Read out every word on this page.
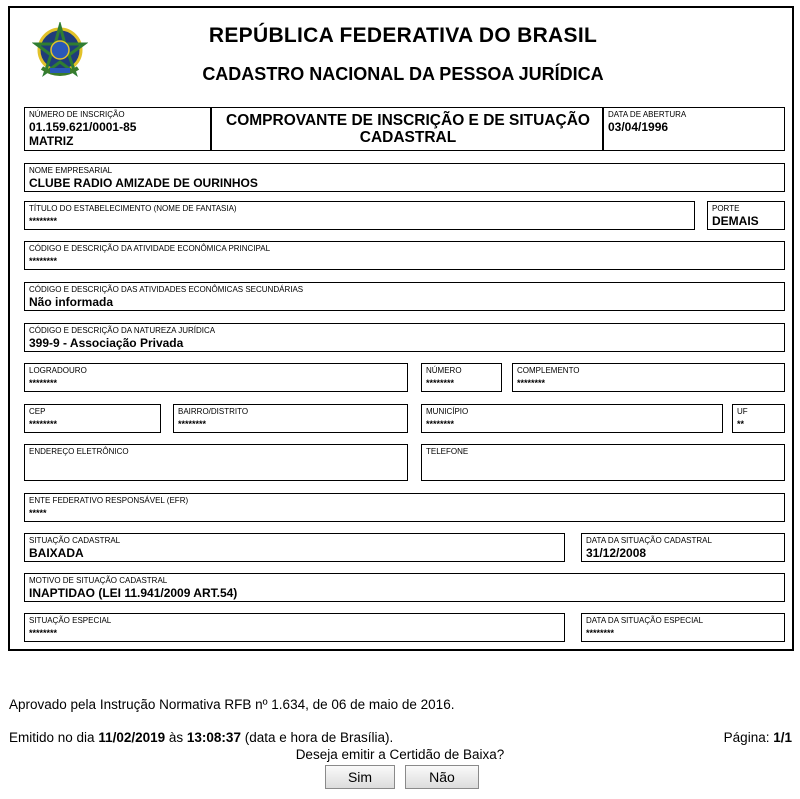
REPÚBLICA FEDERATIVA DO BRASIL
CADASTRO NACIONAL DA PESSOA JURÍDICA
NÚMERO DE INSCRIÇÃO
01.159.621/0001-85
MATRIZ
COMPROVANTE DE INSCRIÇÃO E DE SITUAÇÃO
CADASTRAL
DATA DE ABERTURA
03/04/1996
NOME EMPRESARIAL
CLUBE RADIO AMIZADE DE OURINHOS
TÍTULO DO ESTABELECIMENTO (NOME DE FANTASIA)
********
PORTE
DEMAIS
CÓDIGO E DESCRIÇÃO DA ATIVIDADE ECONÔMICA PRINCIPAL
********
CÓDIGO E DESCRIÇÃO DAS ATIVIDADES ECONÔMICAS SECUNDÁRIAS
Não informada
CÓDIGO E DESCRIÇÃO DA NATUREZA JURÍDICA
399-9 - Associação Privada
LOGRADOURO
********
NÚMERO
********
COMPLEMENTO
********
CEP
********
BAIRRO/DISTRITO
********
MUNICÍPIO
********
UF
**
ENDEREÇO ELETRÔNICO	TELEFONE
ENTE FEDERATIVO RESPONSÁVEL (EFR)
*****
SITUAÇÃO CADASTRAL
BAIXADA
DATA DA SITUAÇÃO CADASTRAL
31/12/2008
MOTIVO DE SITUAÇÃO CADASTRAL
INAPTIDAO (LEI 11.941/2009 ART.54)
SITUAÇÃO ESPECIAL
********
DATA DA SITUAÇÃO ESPECIAL
********
Aprovado pela Instrução Normativa RFB nº 1.634, de 06 de maio de 2016.
Emitido no dia 11/02/2019 às 13:08:37 (data e hora de Brasília).	Página: 1/1
Deseja emitir a Certidão de Baixa?
Sim	Não
